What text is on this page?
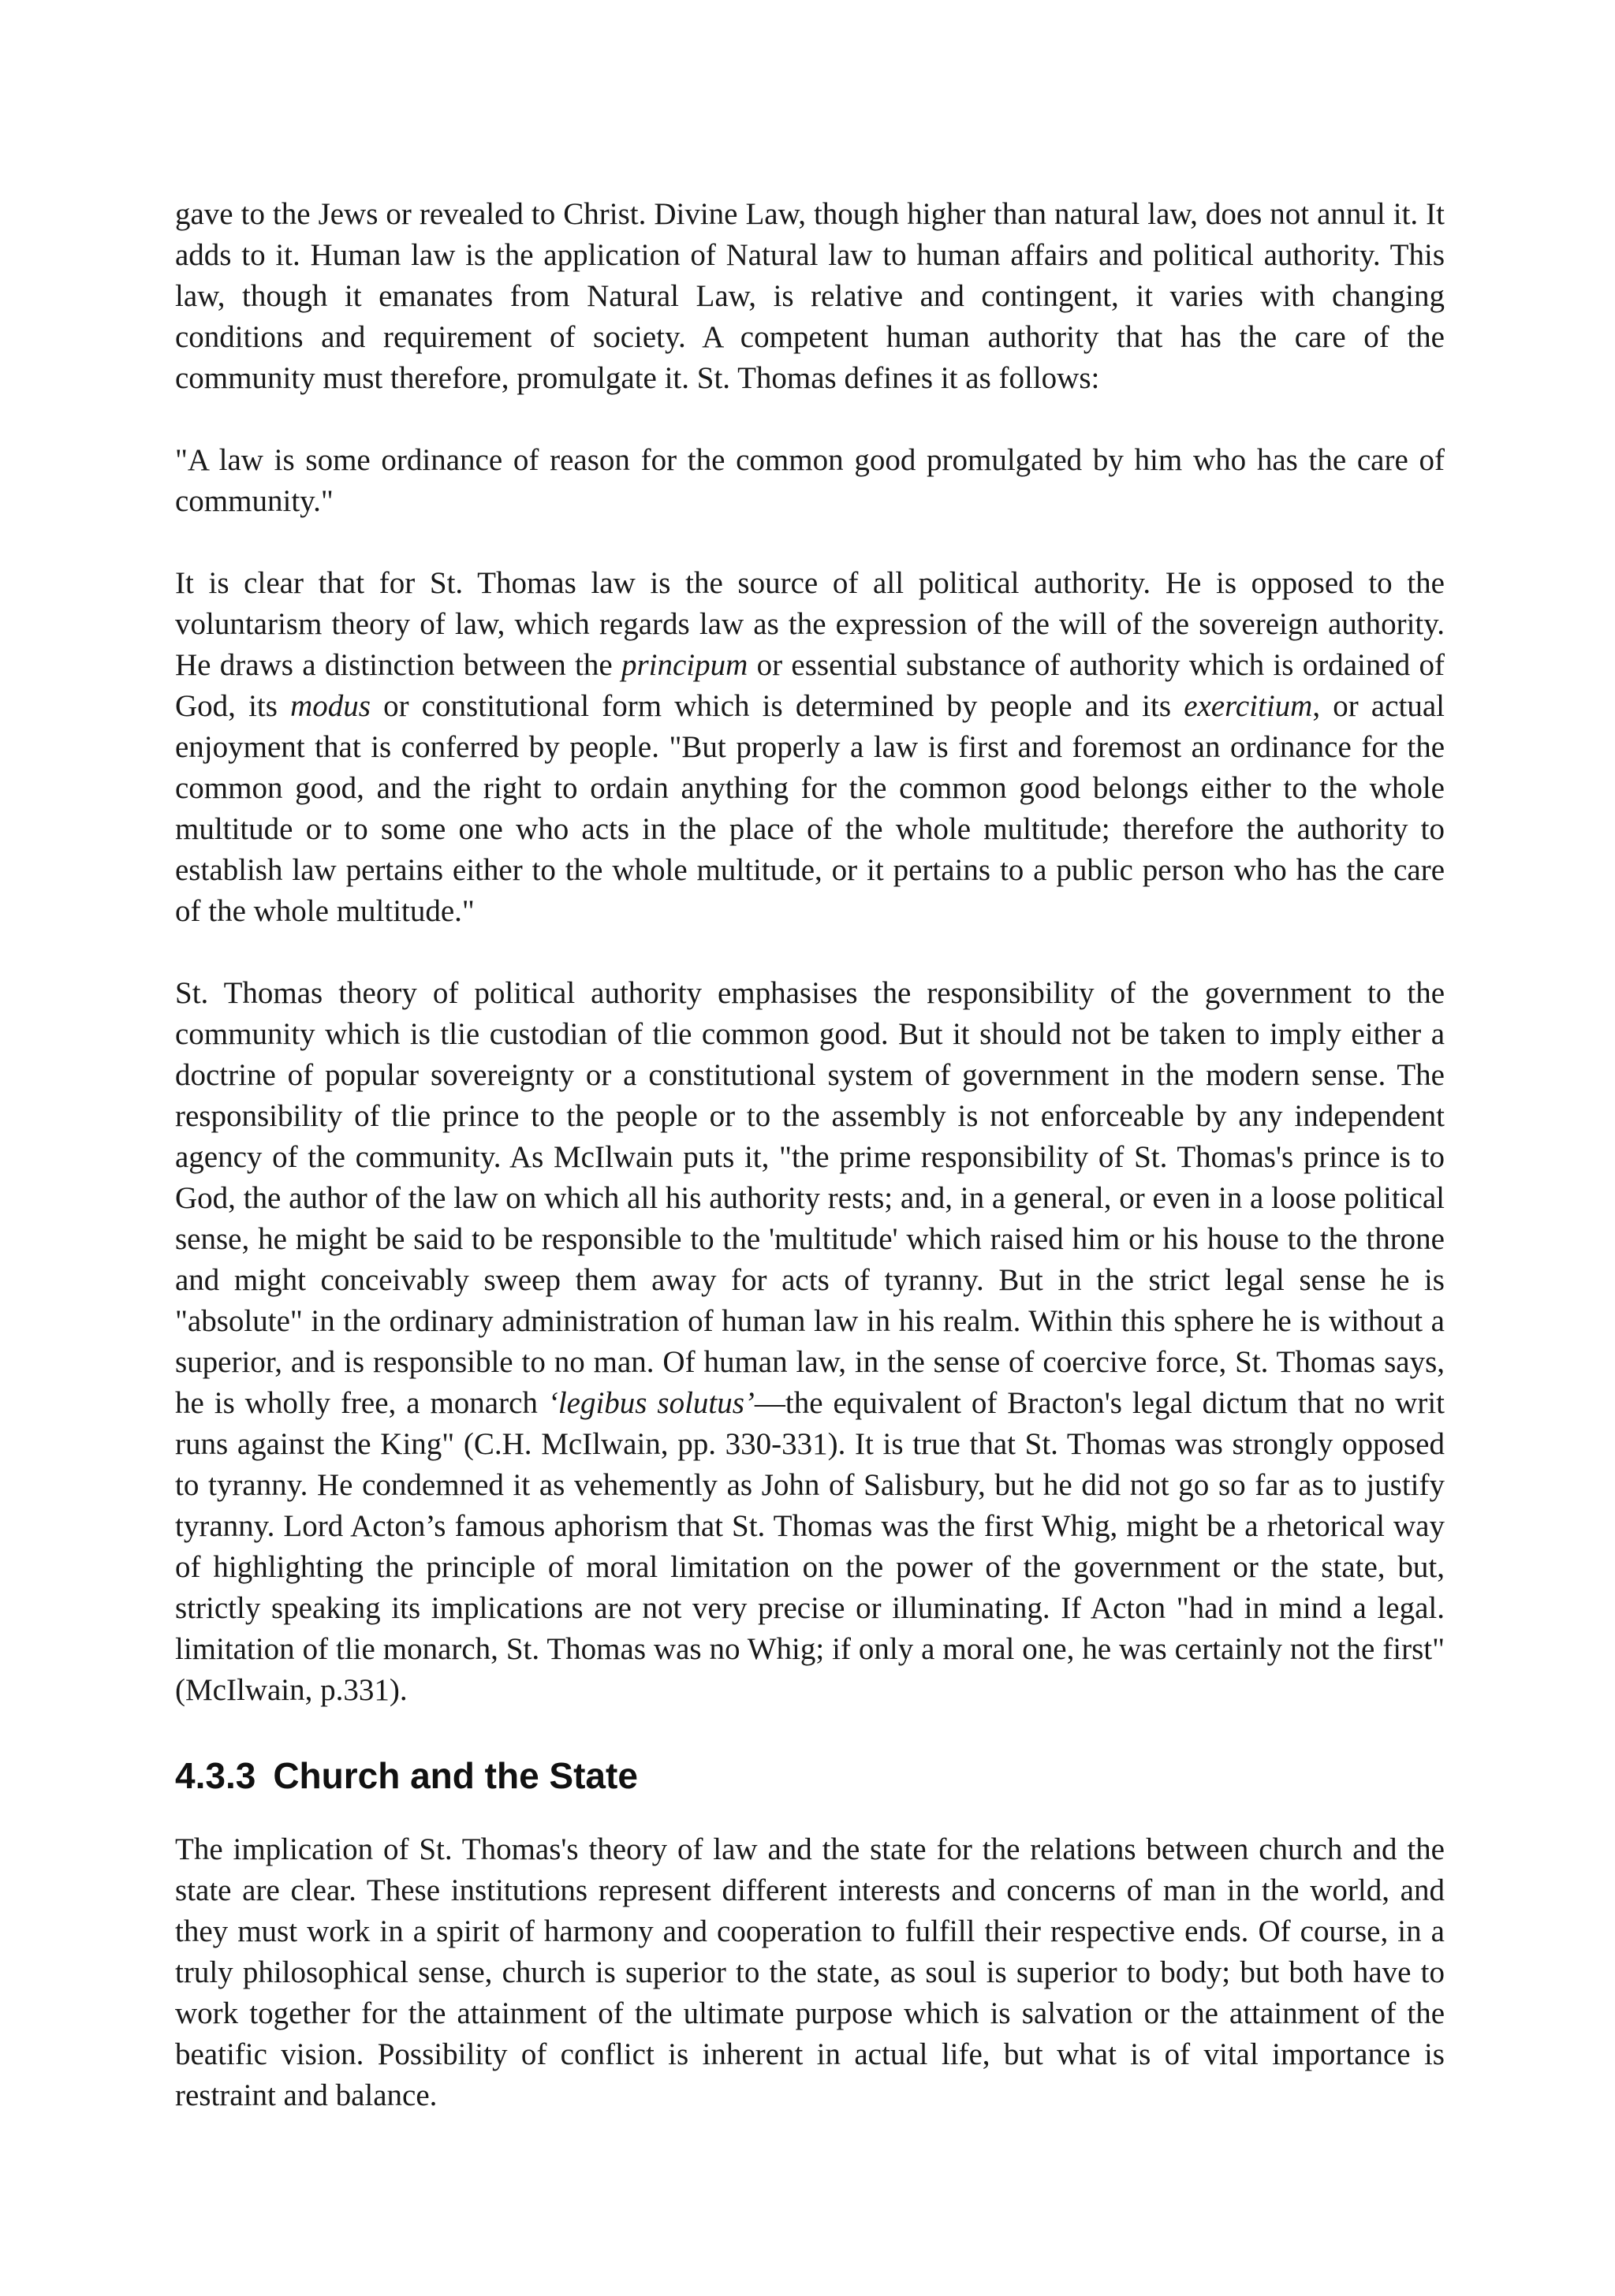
gave to the Jews or revealed to Christ. Divine Law, though higher than natural law, does not annul it. It adds to it. Human law is the application of Natural law to human affairs and political authority. This law, though it emanates from Natural Law, is relative and contingent, it varies with changing conditions and requirement of society. A competent human authority that has the care of the community must therefore, promulgate it. St. Thomas defines it as follows:

"A law is some ordinance of reason for the common good promulgated by him who has the care of community."

It is clear that for St. Thomas law is the source of all political authority. He is opposed to the voluntarism theory of law, which regards law as the expression of the will of the sovereign authority. He draws a distinction between the principum or essential substance of authority which is ordained of God, its modus or constitutional form which is determined by people and its exercitium, or actual enjoyment that is conferred by people. "But properly a law is first and foremost an ordinance for the common good, and the right to ordain anything for the common good belongs either to the whole multitude or to some one who acts in the place of the whole multitude; therefore the authority to establish law pertains either to the whole multitude, or it pertains to a public person who has the care of the whole multitude."

St. Thomas theory of political authority emphasises the responsibility of the government to the community which is tlie custodian of tlie common good. But it should not be taken to imply either a doctrine of popular sovereignty or a constitutional system of government in the modern sense. The responsibility of tlie prince to the people or to the assembly is not enforceable by any independent agency of the community. As McIlwain puts it, "the prime responsibility of St. Thomas's prince is to God, the author of the law on which all his authority rests; and, in a general, or even in a loose political sense, he might be said to be responsible to the 'multitude' which raised him or his house to the throne and might conceivably sweep them away for acts of tyranny. But in the strict legal sense he is "absolute" in the ordinary administration of human law in his realm. Within this sphere he is without a superior, and is responsible to no man. Of human law, in the sense of coercive force, St. Thomas says, he is wholly free, a monarch ‘legibus solutus’—the equivalent of Bracton's legal dictum that no writ runs against the King" (C.H. McIlwain, pp. 330-331). It is true that St. Thomas was strongly opposed to tyranny. He condemned it as vehemently as John of Salisbury, but he did not go so far as to justify tyranny. Lord Acton’s famous aphorism that St. Thomas was the first Whig, might be a rhetorical way of highlighting the principle of moral limitation on the power of the government or the state, but, strictly speaking its implications are not very precise or illuminating. If Acton "had in mind a legal. limitation of tlie monarch, St. Thomas was no Whig; if only a moral one, he was certainly not the first"(McIlwain, p.331).

4.3.3 Church and the State

The implication of St. Thomas's theory of law and the state for the relations between church and the state are clear. These institutions represent different interests and concerns of man in the world, and they must work in a spirit of harmony and cooperation to fulfill their respective ends. Of course, in a truly philosophical sense, church is superior to the state, as soul is superior to body; but both have to work together for the attainment of the ultimate purpose which is salvation or the attainment of the beatific vision. Possibility of conflict is inherent in actual life, but what is of vital importance is restraint and balance.
